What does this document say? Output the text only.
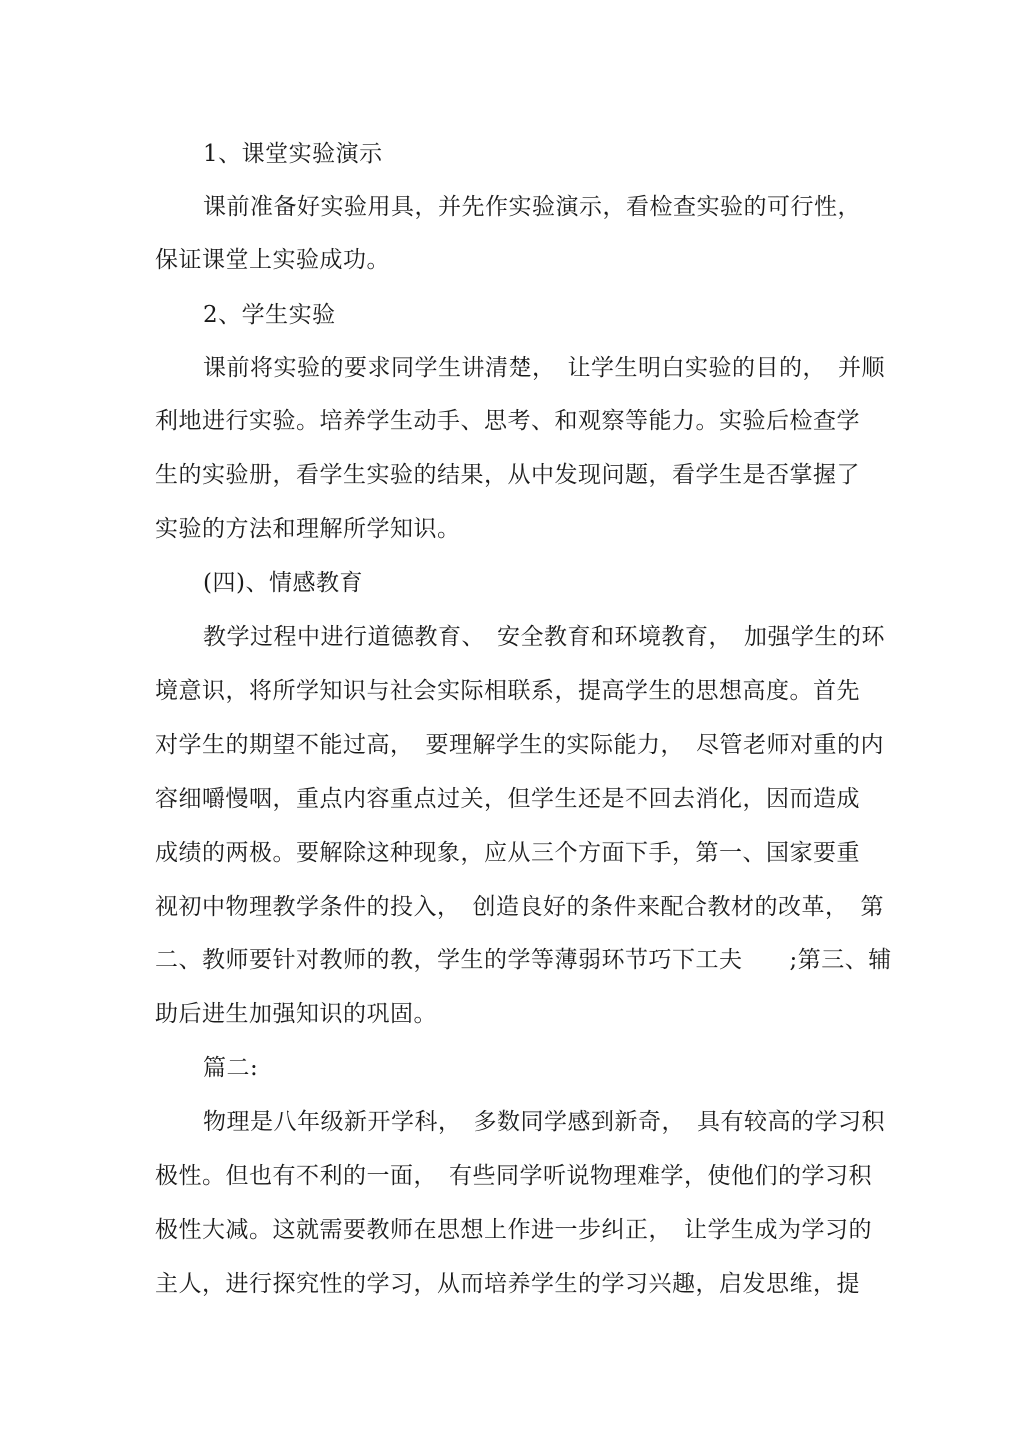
1、课堂实验演示
课前准备好实验用具，并先作实验演示，看检查实验的可行性，
保证课堂上实验成功。
2、学生实验
课前将实验的要求同学生讲清楚，　让学生明白实验的目的，　并顺
利地进行实验。培养学生动手、思考、和观察等能力。实验后检查学
生的实验册，看学生实验的结果，从中发现问题，看学生是否掌握了
实验的方法和理解所学知识。
(四)、情感教育
教学过程中进行道德教育、　安全教育和环境教育，　加强学生的环
境意识，将所学知识与社会实际相联系，提高学生的思想高度。首先
对学生的期望不能过高，　要理解学生的实际能力，　尽管老师对重的内
容细嚼慢咽，重点内容重点过关，但学生还是不回去消化，因而造成
成绩的两极。要解除这种现象，应从三个方面下手，第一、国家要重
视初中物理教学条件的投入，　创造良好的条件来配合教材的改革，　第
二、教师要针对教师的教，学生的学等薄弱环节巧下工夫　　;第三、辅
助后进生加强知识的巩固。
篇二:
物理是八年级新开学科，　多数同学感到新奇，　具有较高的学习积
极性。但也有不利的一面，　有些同学听说物理难学，使他们的学习积
极性大减。这就需要教师在思想上作进一步纠正，　让学生成为学习的
主人，进行探究性的学习，从而培养学生的学习兴趣，启发思维，提
